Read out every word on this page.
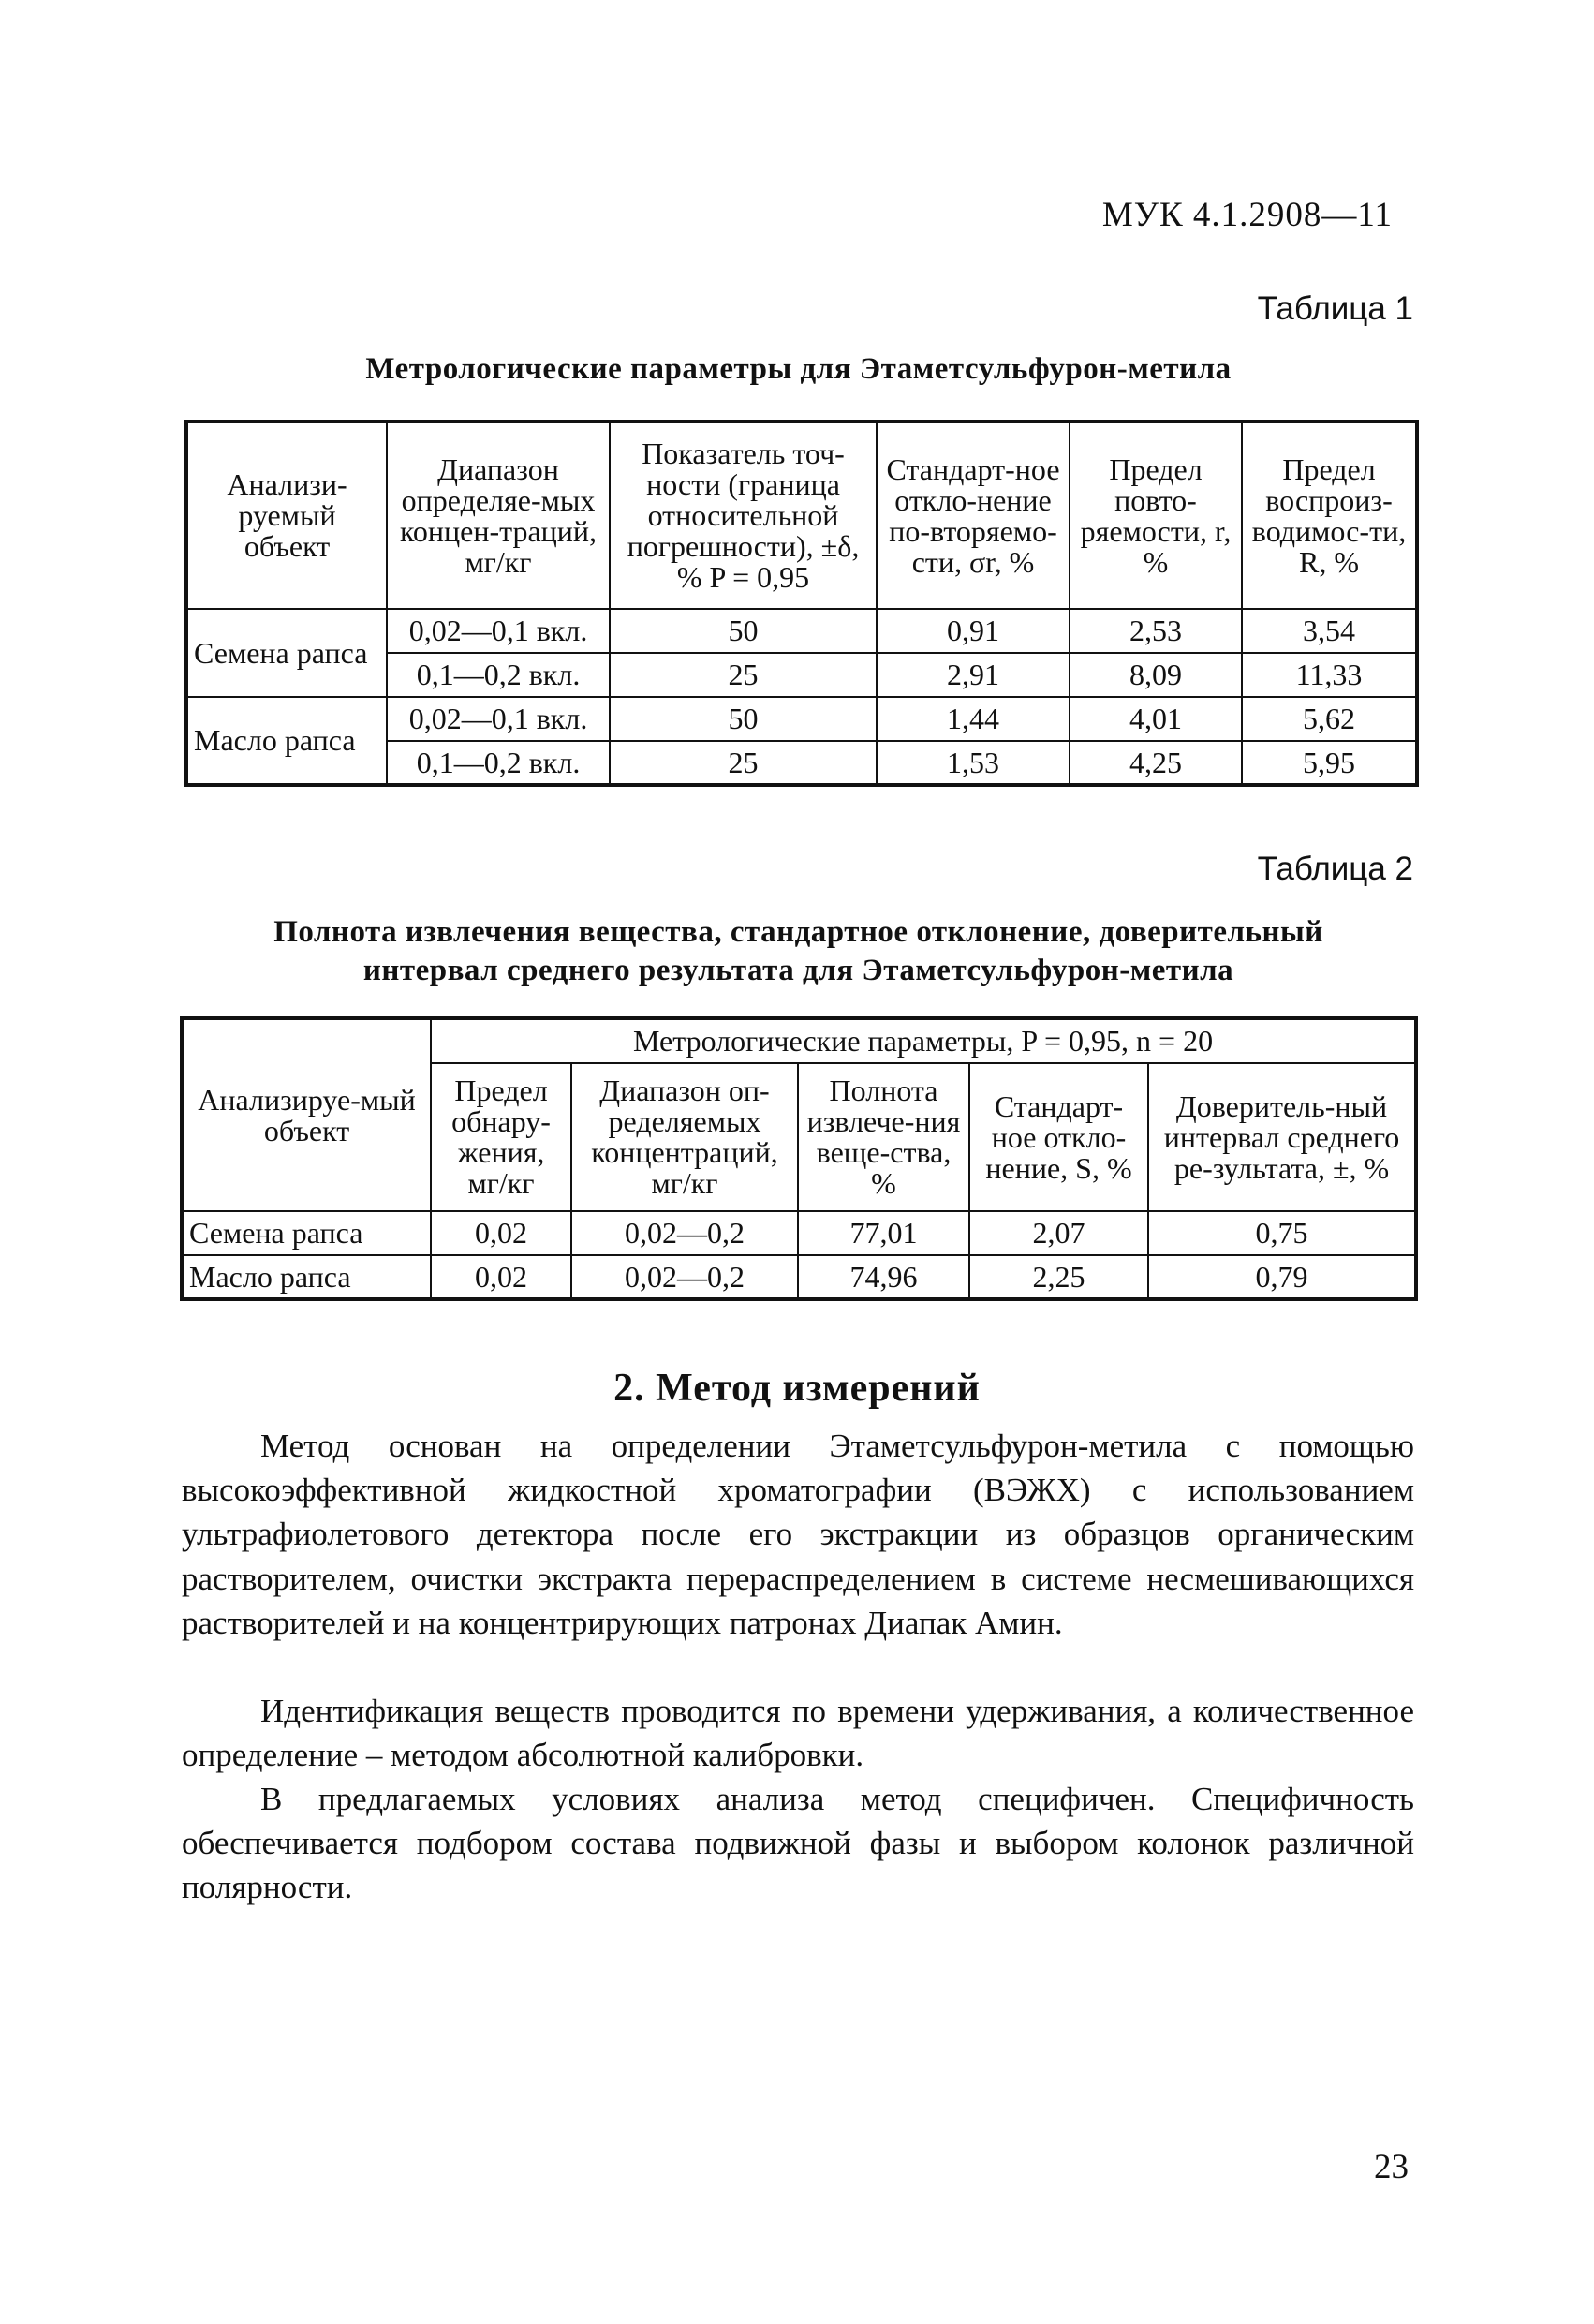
МУК 4.1.2908—11
Таблица 1
Метрологические параметры для Этаметсульфурон-метила
Анализи-руемый объект	Диапазон определяе-мых концен-траций, мг/кг	Показатель точ-ности (граница относительной погрешности), ±δ, % P = 0,95	Стандарт-ное откло-нение по-вторяемо-сти, σr, %	Предел повто-ряемости, r, %	Предел воспроиз-водимос-ти, R, %
Семена рапса	0,02—0,1 вкл.	50	0,91	2,53	3,54
	0,1—0,2 вкл.	25	2,91	8,09	11,33
Масло рапса	0,02—0,1 вкл.	50	1,44	4,01	5,62
	0,1—0,2 вкл.	25	1,53	4,25	5,95
Таблица 2
Полнота извлечения вещества, стандартное отклонение, доверительный
интервал среднего результата для Этаметсульфурон-метила
Анализируе-мый объект	Метрологические параметры, P = 0,95, n = 20				
	Предел обнару-жения, мг/кг	Диапазон оп-ределяемых концентраций, мг/кг	Полнота извлече-ния веще-ства, %	Стандарт-ное откло-нение, S, %	Доверитель-ный интервал среднего ре-зультата, ±, %
Семена рапса	0,02	0,02—0,2	77,01	2,07	0,75
Масло рапса	0,02	0,02—0,2	74,96	2,25	0,79
2. Метод измерений

Метод основан на определении Этаметсульфурон-метила с помощью высокоэффективной жидкостной хроматографии (ВЭЖХ) с использованием ультрафиолетового детектора после его экстракции из образцов органическим растворителем, очистки экстракта перераспределением в системе несмешивающихся растворителей и на концентрирующих патронах Диапак Амин.

Идентификация веществ проводится по времени удерживания, а количественное определение – методом абсолютной калибровки.

В предлагаемых условиях анализа метод специфичен. Специфичность обеспечивается подбором состава подвижной фазы и выбором колонок различной полярности.

23
